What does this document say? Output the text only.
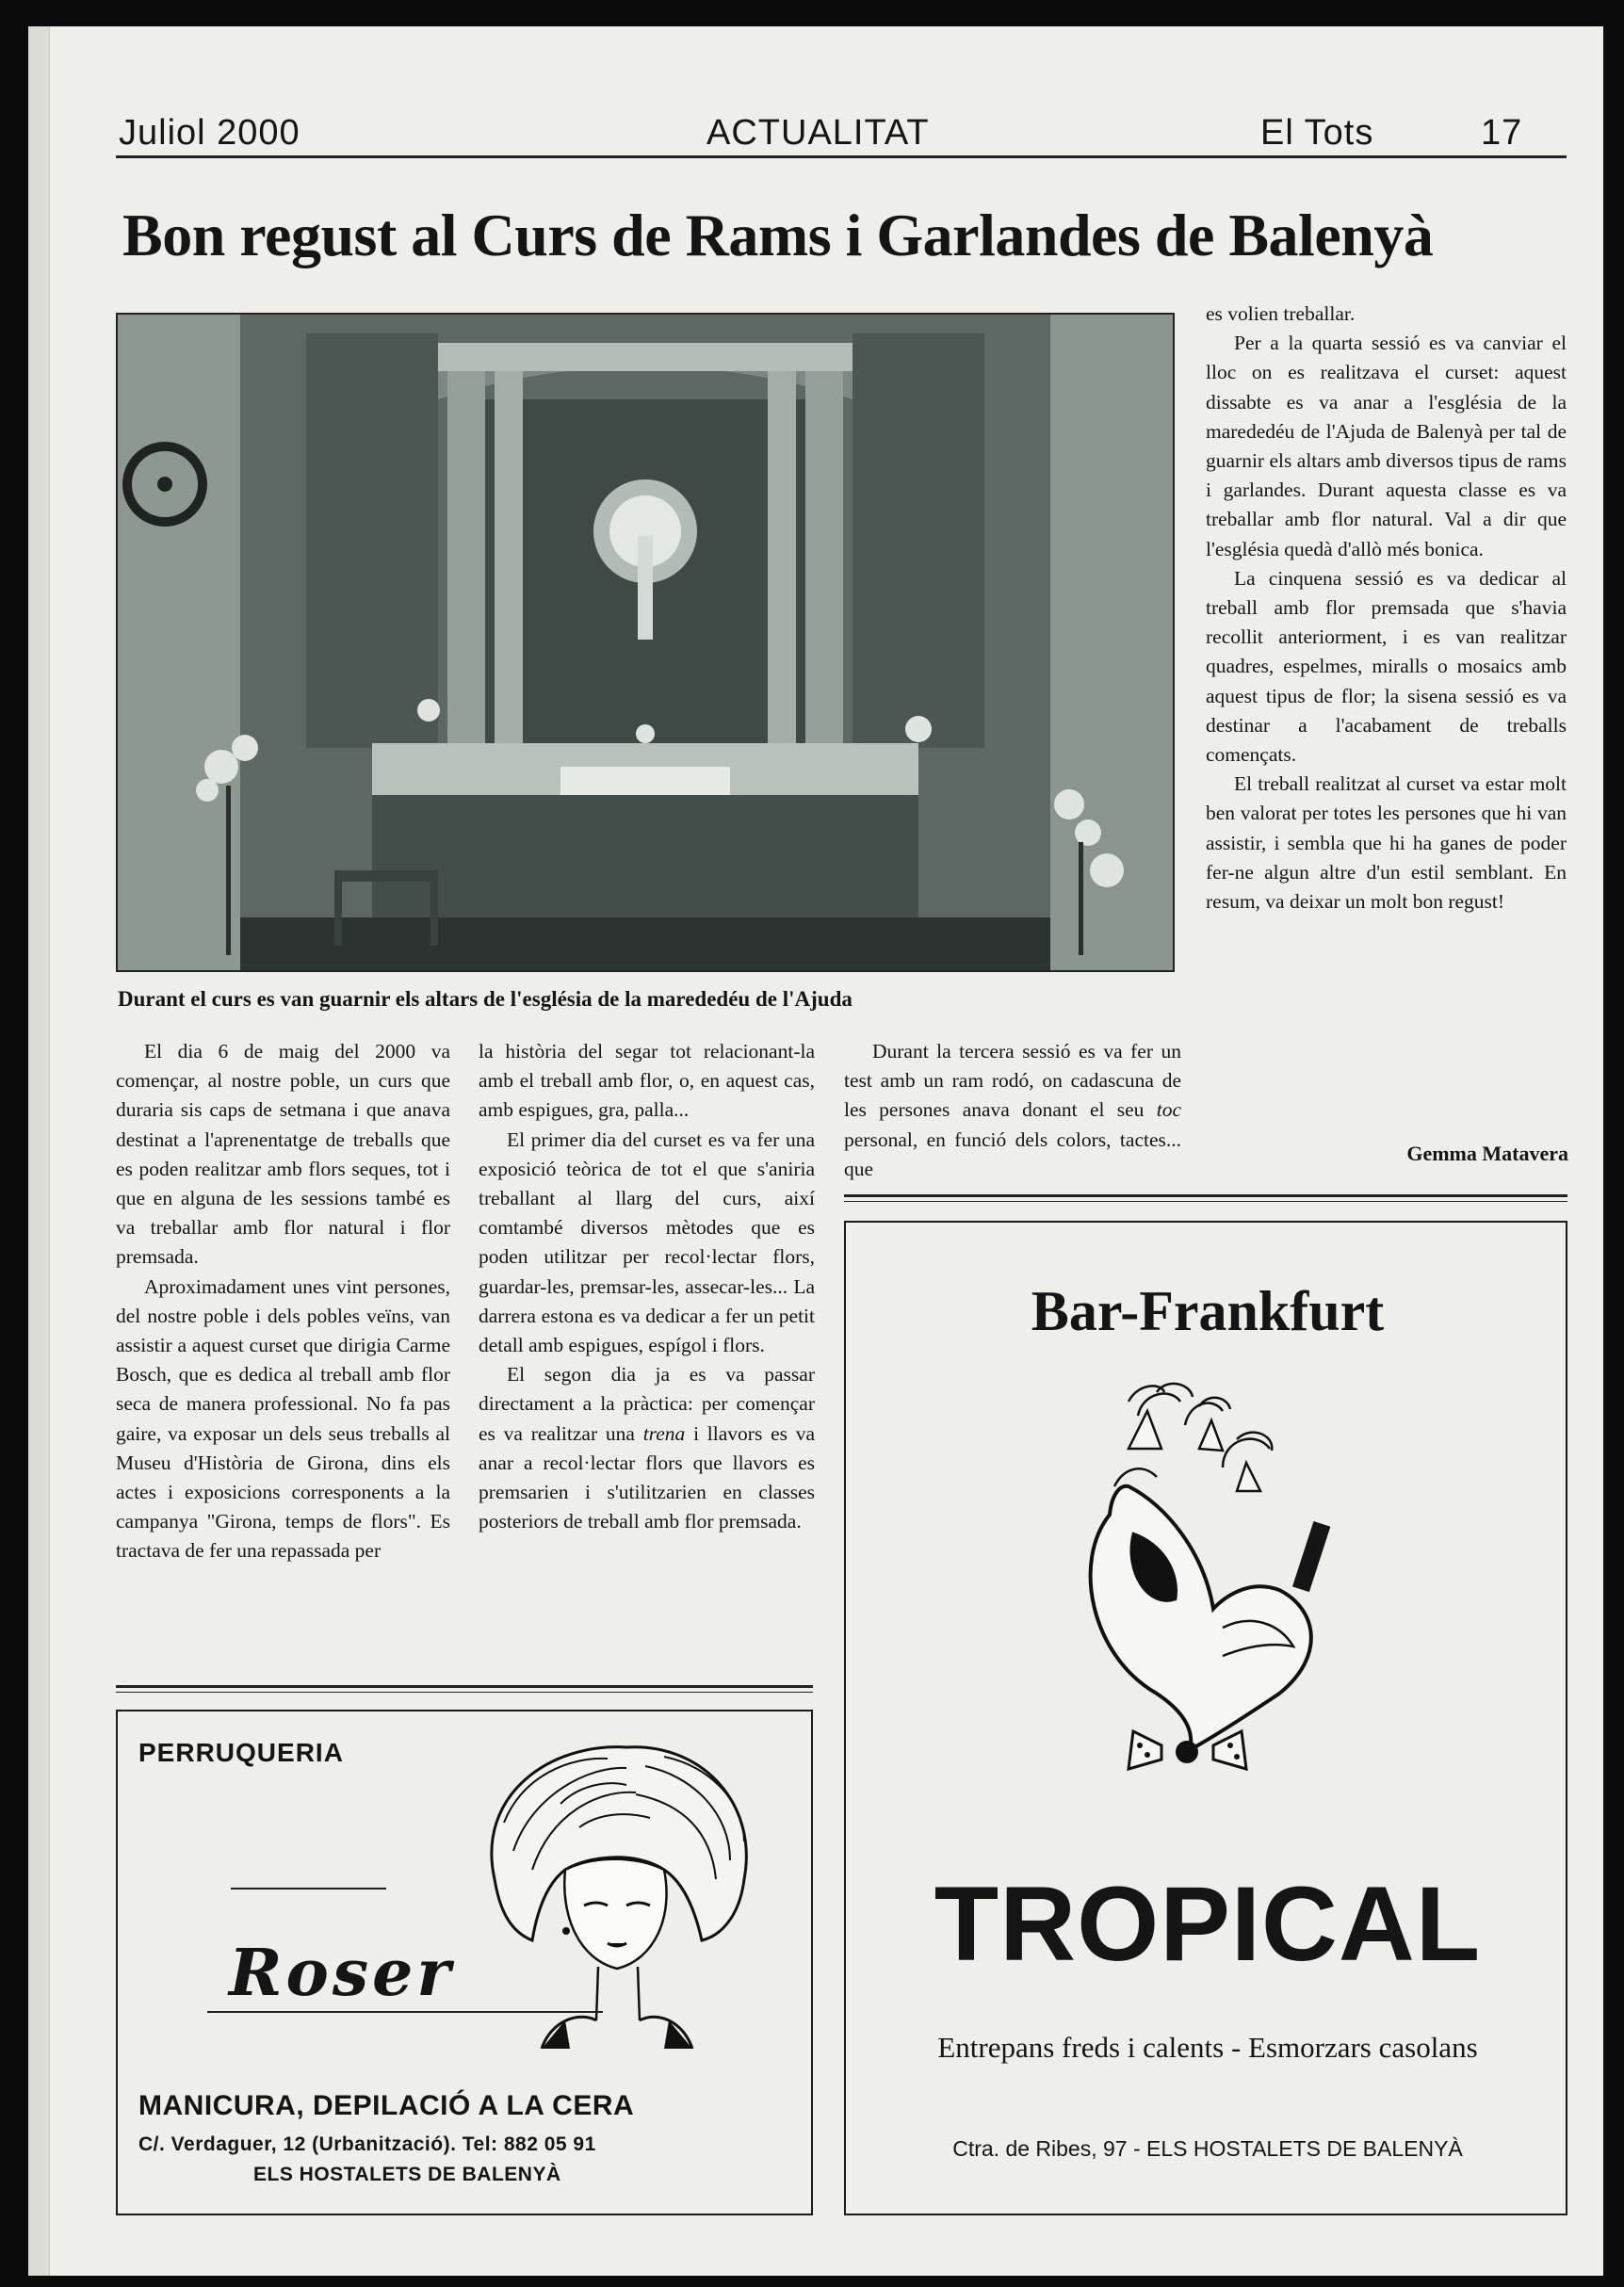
Juliol 2000	ACTUALITAT	El Tots	17
Bon regust al Curs de Rams i Garlandes de Balenyà
Durant el curs es van guarnir els altars de l'església de la marededéu de l'Ajuda

El dia 6 de maig del 2000 va començar, al nostre poble, un curs que duraria sis caps de setmana i que anava destinat a l'aprenentatge de treballs que es poden realitzar amb flors seques, tot i que en alguna de les sessions també es va treballar amb flor natural i flor premsada.

Aproximadament unes vint persones, del nostre poble i dels pobles veïns, van assistir a aquest curset que dirigia Carme Bosch, que es dedica al treball amb flor seca de manera professional. No fa pas gaire, va exposar un dels seus treballs al Museu d'Història de Girona, dins els actes i exposicions corresponents a la campanya "Girona, temps de flors". Es tractava de fer una repassada per

la història del segar tot relacionant-la amb el treball amb flor, o, en aquest cas, amb espigues, gra, palla...

El primer dia del curset es va fer una exposició teòrica de tot el que s'aniria treballant al llarg del curs, així comtambé diversos mètodes que es poden utilitzar per recol·lectar flors, guardar-les, premsar-les, assecar-les... La darrera estona es va dedicar a fer un petit detall amb espigues, espígol i flors.

El segon dia ja es va passar directament a la pràctica: per començar es va realitzar una trena i llavors es va anar a recol·lectar flors que llavors es premsarien i s'utilitzarien en classes posteriors de treball amb flor premsada.

Durant la tercera sessió es va fer un test amb un ram rodó, on cadascuna de les persones anava donant el seu toc personal, en funció dels colors, tactes... que

es volien treballar.

Per a la quarta sessió es va canviar el lloc on es realitzava el curset: aquest dissabte es va anar a l'església de la marededéu de l'Ajuda de Balenyà per tal de guarnir els altars amb diversos tipus de rams i garlandes. Durant aquesta classe es va treballar amb flor natural. Val a dir que l'església quedà d'allò més bonica.

La cinquena sessió es va dedicar al treball amb flor premsada que s'havia recollit anteriorment, i es van realitzar quadres, espelmes, miralls o mosaics amb aquest tipus de flor; la sisena sessió es va destinar a l'acabament de treballs començats.

El treball realitzat al curset va estar molt ben valorat per totes les persones que hi van assistir, i sembla que hi ha ganes de poder fer-ne algun altre d'un estil semblant. En resum, va deixar un molt bon regust!

Gemma Matavera
PERRUQUERIA
Roser
MANICURA, DEPILACIÓ A LA CERA
C/. Verdaguer, 12 (Urbanització). Tel: 882 05 91
ELS HOSTALETS DE BALENYÀ
Bar-Frankfurt
I
TROPICAL
Entrepans freds i calents - Esmorzars casolans
Ctra. de Ribes, 97 - ELS HOSTALETS DE BALENYÀ
